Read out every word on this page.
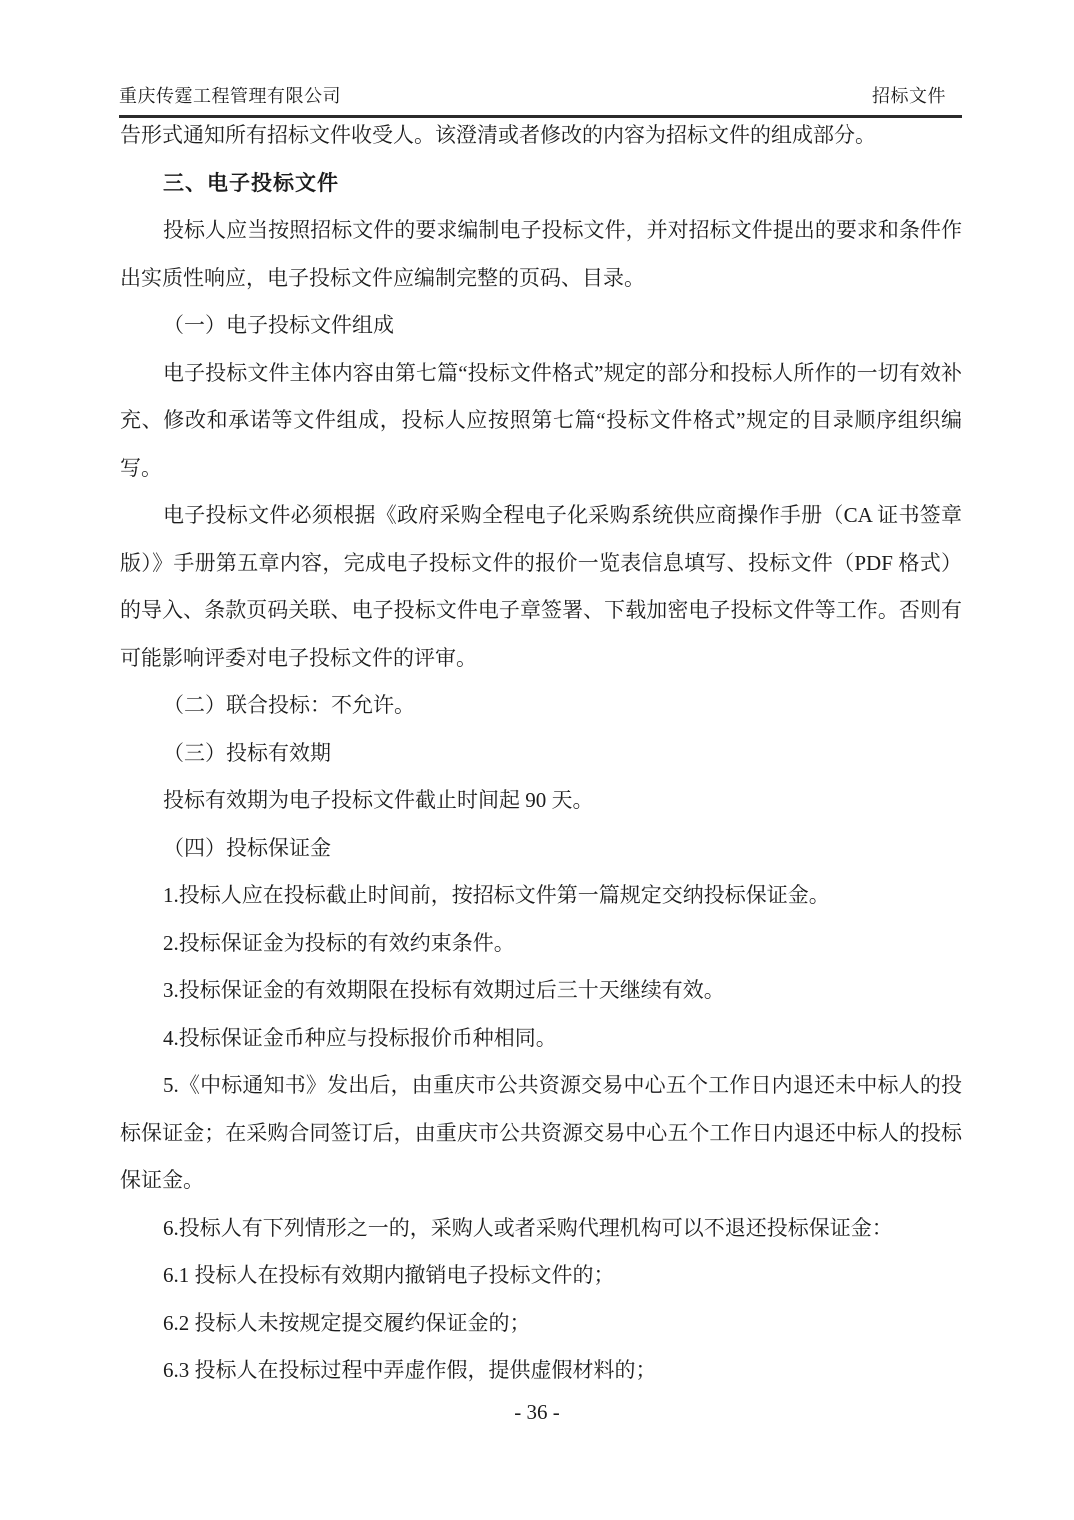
重庆传霆工程管理有限公司	招标文件

告形式通知所有招标文件收受人。该澄清或者修改的内容为招标文件的组成部分。

三、电子投标文件

投标人应当按照招标文件的要求编制电子投标文件，并对招标文件提出的要求和条件作出实质性响应，电子投标文件应编制完整的页码、目录。

（一）电子投标文件组成

电子投标文件主体内容由第七篇“投标文件格式”规定的部分和投标人所作的一切有效补充、修改和承诺等文件组成，投标人应按照第七篇“投标文件格式”规定的目录顺序组织编写。

电子投标文件必须根据《政府采购全程电子化采购系统供应商操作手册（CA 证书签章版）》手册第五章内容，完成电子投标文件的报价一览表信息填写、投标文件（PDF 格式）的导入、条款页码关联、电子投标文件电子章签署、下载加密电子投标文件等工作。否则有可能影响评委对电子投标文件的评审。

（二）联合投标：不允许。

（三）投标有效期

投标有效期为电子投标文件截止时间起 90 天。

（四）投标保证金

1.投标人应在投标截止时间前，按招标文件第一篇规定交纳投标保证金。

2.投标保证金为投标的有效约束条件。

3.投标保证金的有效期限在投标有效期过后三十天继续有效。

4.投标保证金币种应与投标报价币种相同。

5.《中标通知书》发出后，由重庆市公共资源交易中心五个工作日内退还未中标人的投标保证金；在采购合同签订后，由重庆市公共资源交易中心五个工作日内退还中标人的投标保证金。

6.投标人有下列情形之一的，采购人或者采购代理机构可以不退还投标保证金：

6.1 投标人在投标有效期内撤销电子投标文件的；

6.2 投标人未按规定提交履约保证金的；

6.3 投标人在投标过程中弄虚作假，提供虚假材料的；

- 36 -
